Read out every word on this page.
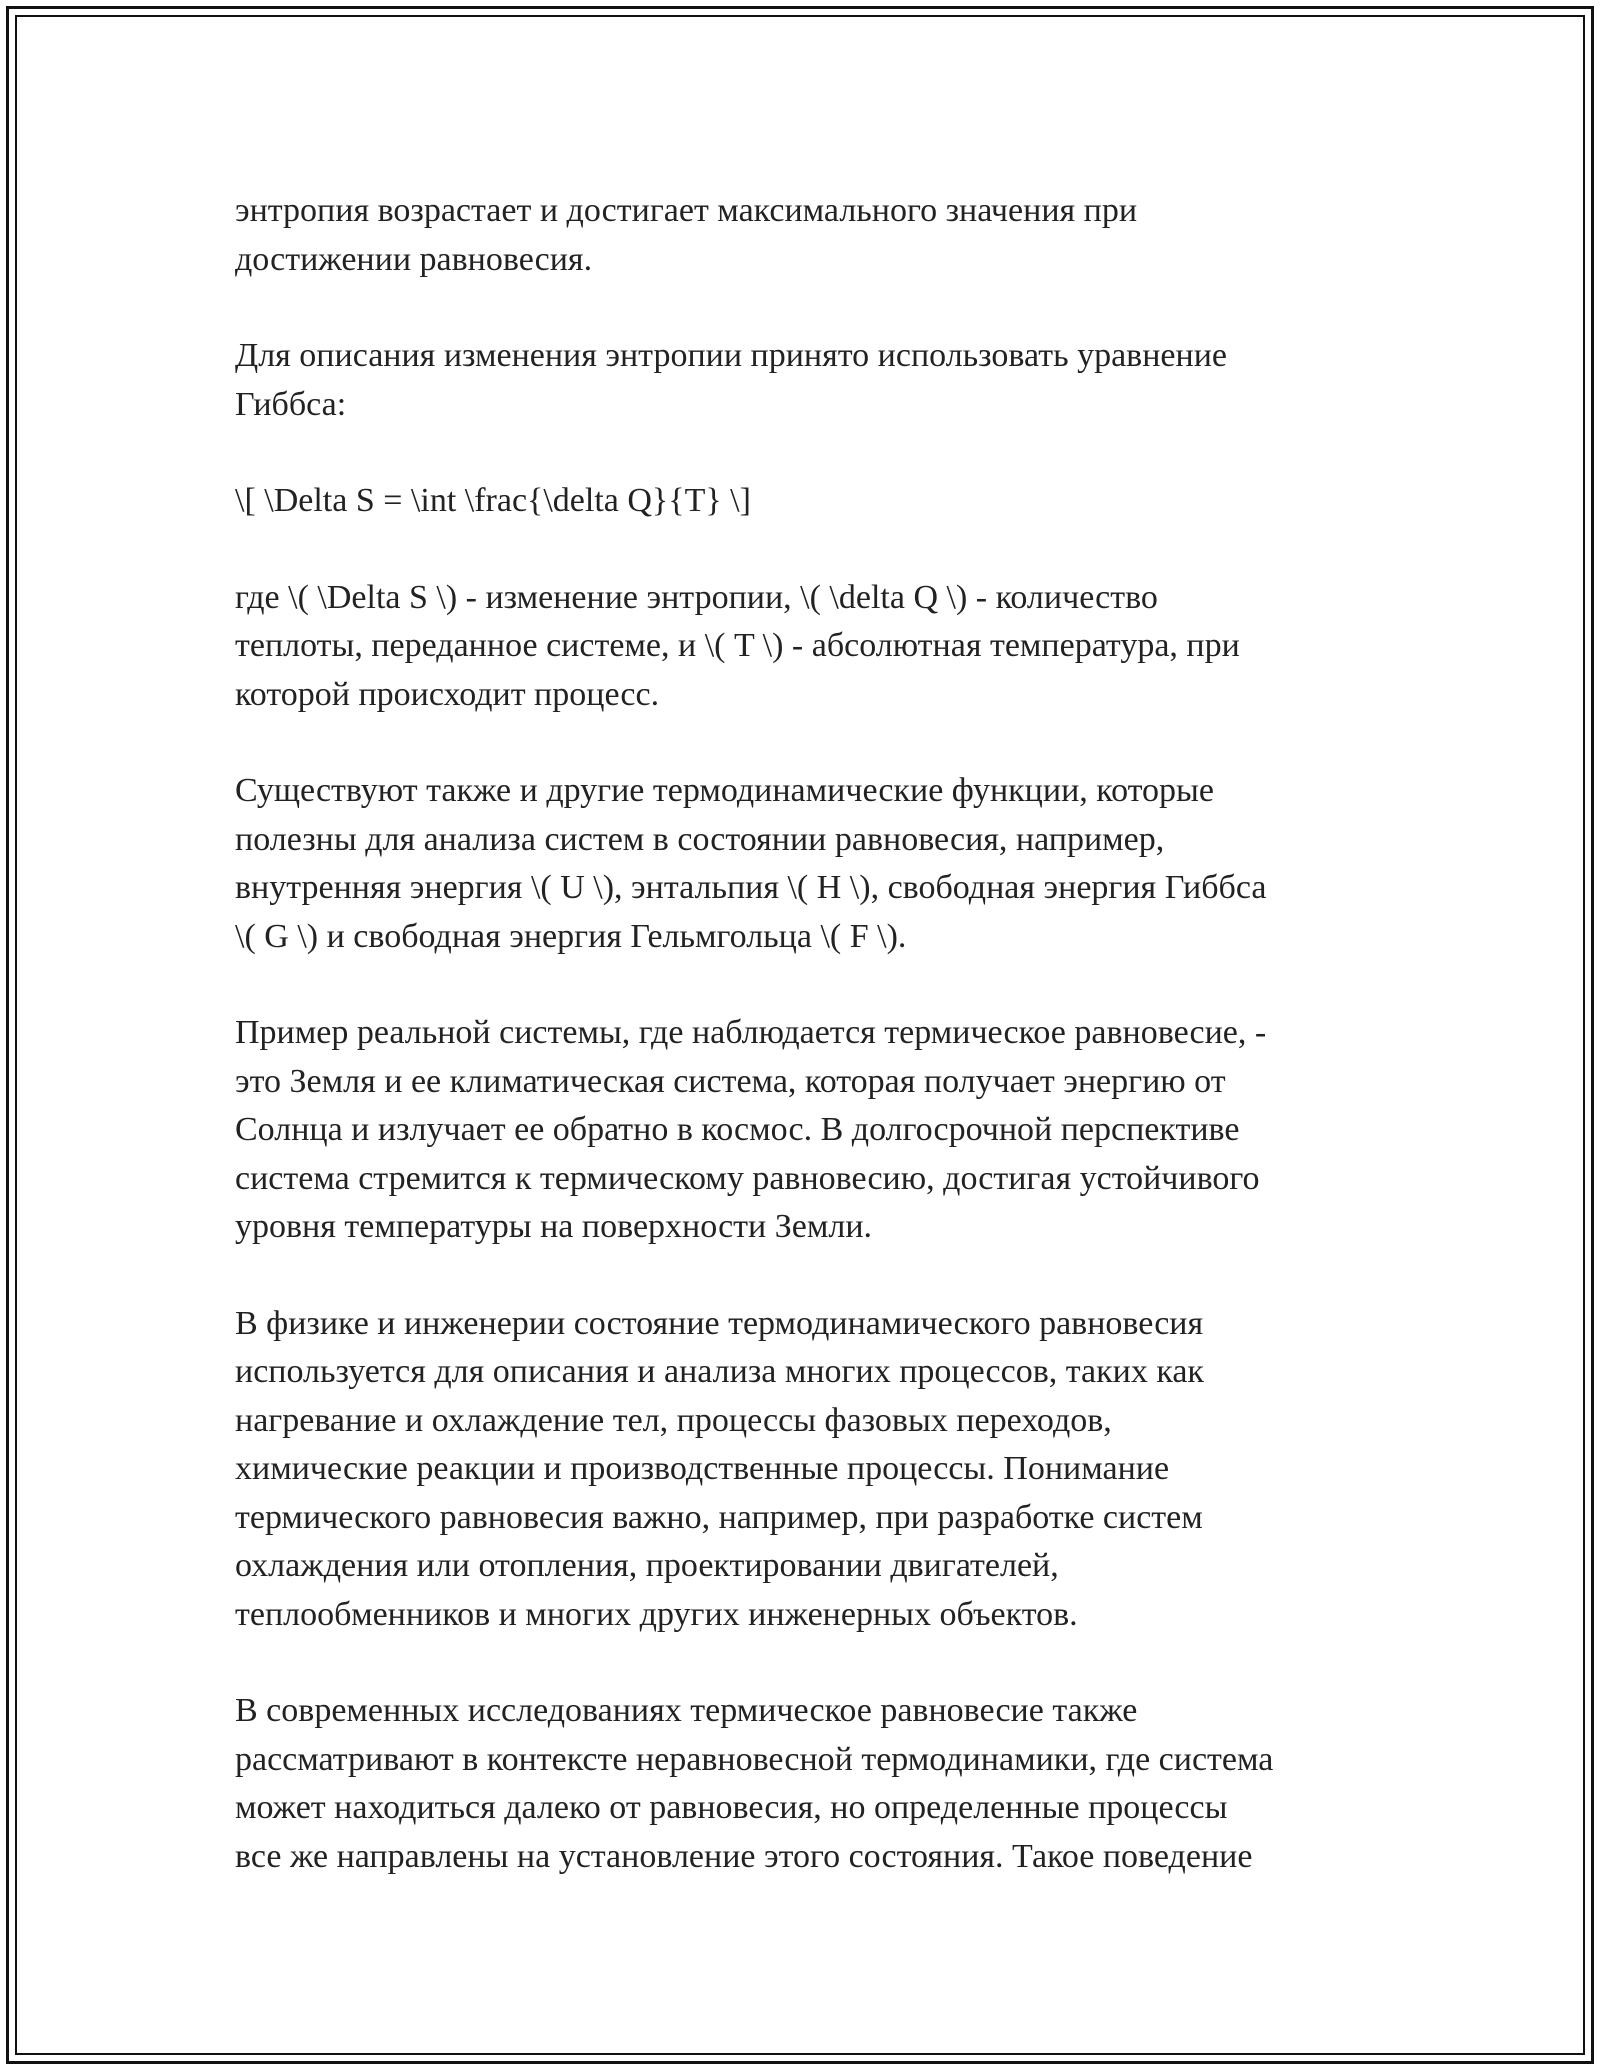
энтропия возрастает и достигает максимального значения при
достижении равновесия.

Для описания изменения энтропии принято использовать уравнение
Гиббса:

\[ \Delta S = \int \frac{\delta Q}{T} \]

где \( \Delta S \) - изменение энтропии, \( \delta Q \) - количество
теплоты, переданное системе, и \( T \) - абсолютная температура, при
которой происходит процесс.

Существуют также и другие термодинамические функции, которые
полезны для анализа систем в состоянии равновесия, например,
внутренняя энергия \( U \), энтальпия \( H \), свободная энергия Гиббса
\( G \) и свободная энергия Гельмгольца \( F \).

Пример реальной системы, где наблюдается термическое равновесие, -
это Земля и ее климатическая система, которая получает энергию от
Солнца и излучает ее обратно в космос. В долгосрочной перспективе
система стремится к термическому равновесию, достигая устойчивого
уровня температуры на поверхности Земли.

В физике и инженерии состояние термодинамического равновесия
используется для описания и анализа многих процессов, таких как
нагревание и охлаждение тел, процессы фазовых переходов,
химические реакции и производственные процессы. Понимание
термического равновесия важно, например, при разработке систем
охлаждения или отопления, проектировании двигателей,
теплообменников и многих других инженерных объектов.

В современных исследованиях термическое равновесие также
рассматривают в контексте неравновесной термодинамики, где система
может находиться далеко от равновесия, но определенные процессы
все же направлены на установление этого состояния. Такое поведение
